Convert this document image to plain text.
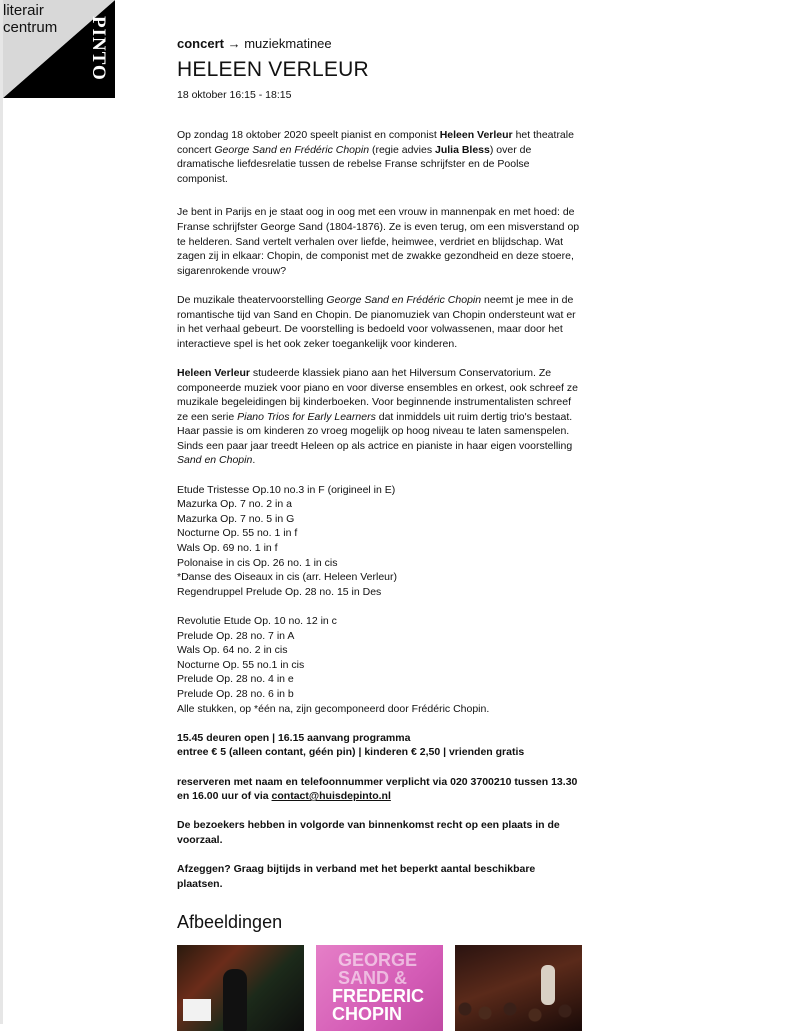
literair
centrum PINTO	concert → muziekmatinee
HELEEN VERLEUR
18 oktober 16:15 - 18:15

Op zondag 18 oktober 2020 speelt pianist en componist Heleen Verleur het theatrale concert George Sand en Frédéric Chopin (regie advies Julia Bless) over de dramatische liefdesrelatie tussen de rebelse Franse schrijfster en de Poolse componist.

Je bent in Parijs en je staat oog in oog met een vrouw in mannenpak en met hoed: de Franse schrijfster George Sand (1804-1876). Ze is even terug, om een misverstand op te helderen. Sand vertelt verhalen over liefde, heimwee, verdriet en blijdschap. Wat zagen zij in elkaar: Chopin, de componist met de zwakke gezondheid en deze stoere, sigarenrokende vrouw?

De muzikale theatervoorstelling George Sand en Frédéric Chopin neemt je mee in de romantische tijd van Sand en Chopin. De pianomuziek van Chopin ondersteunt wat er in het verhaal gebeurt. De voorstelling is bedoeld voor volwassenen, maar door het interactieve spel is het ook zeker toegankelijk voor kinderen.

Heleen Verleur studeerde klassiek piano aan het Hilversum Conservatorium. Ze componeerde muziek voor piano en voor diverse ensembles en orkest, ook schreef ze muzikale begeleidingen bij kinderboeken. Voor beginnende instrumentalisten schreef ze een serie Piano Trios for Early Learners dat inmiddels uit ruim dertig trio's bestaat. Haar passie is om kinderen zo vroeg mogelijk op hoog niveau te laten samenspelen. Sinds een paar jaar treedt Heleen op als actrice en pianiste in haar eigen voorstelling Sand en Chopin.

Etude Tristesse Op.10 no.3 in F (origineel in E)
Mazurka Op. 7 no. 2 in a
Mazurka Op. 7 no. 5 in G
Nocturne Op. 55 no. 1 in f
Wals Op. 69 no. 1 in f
Polonaise in cis Op. 26 no. 1 in cis
*Danse des Oiseaux in cis (arr. Heleen Verleur)
Regendruppel Prelude Op. 28 no. 15 in Des

Revolutie Etude Op. 10 no. 12 in c
Prelude Op. 28 no. 7 in A
Wals Op. 64 no. 2 in cis
Nocturne Op. 55 no.1 in cis
Prelude Op. 28 no. 4 in e
Prelude Op. 28 no. 6 in b
Alle stukken, op *één na, zijn gecomponeerd door Frédéric Chopin.

15.45 deuren open | 16.15 aanvang programma
entree € 5 (alleen contant, géén pin) | kinderen € 2,50 | vrienden gratis

reserveren met naam en telefoonnummer verplicht via 020 3700210 tussen 13.30 en 16.00 uur of via contact@huisdepinto.nl

De bezoekers hebben in volgorde van binnenkomst recht op een plaats in de voorzaal.

Afzeggen? Graag bijtijds in verband met het beperkt aantal beschikbare plaatsen.

Afbeeldingen
GEORGE SAND &
FREDERIC CHOPIN
